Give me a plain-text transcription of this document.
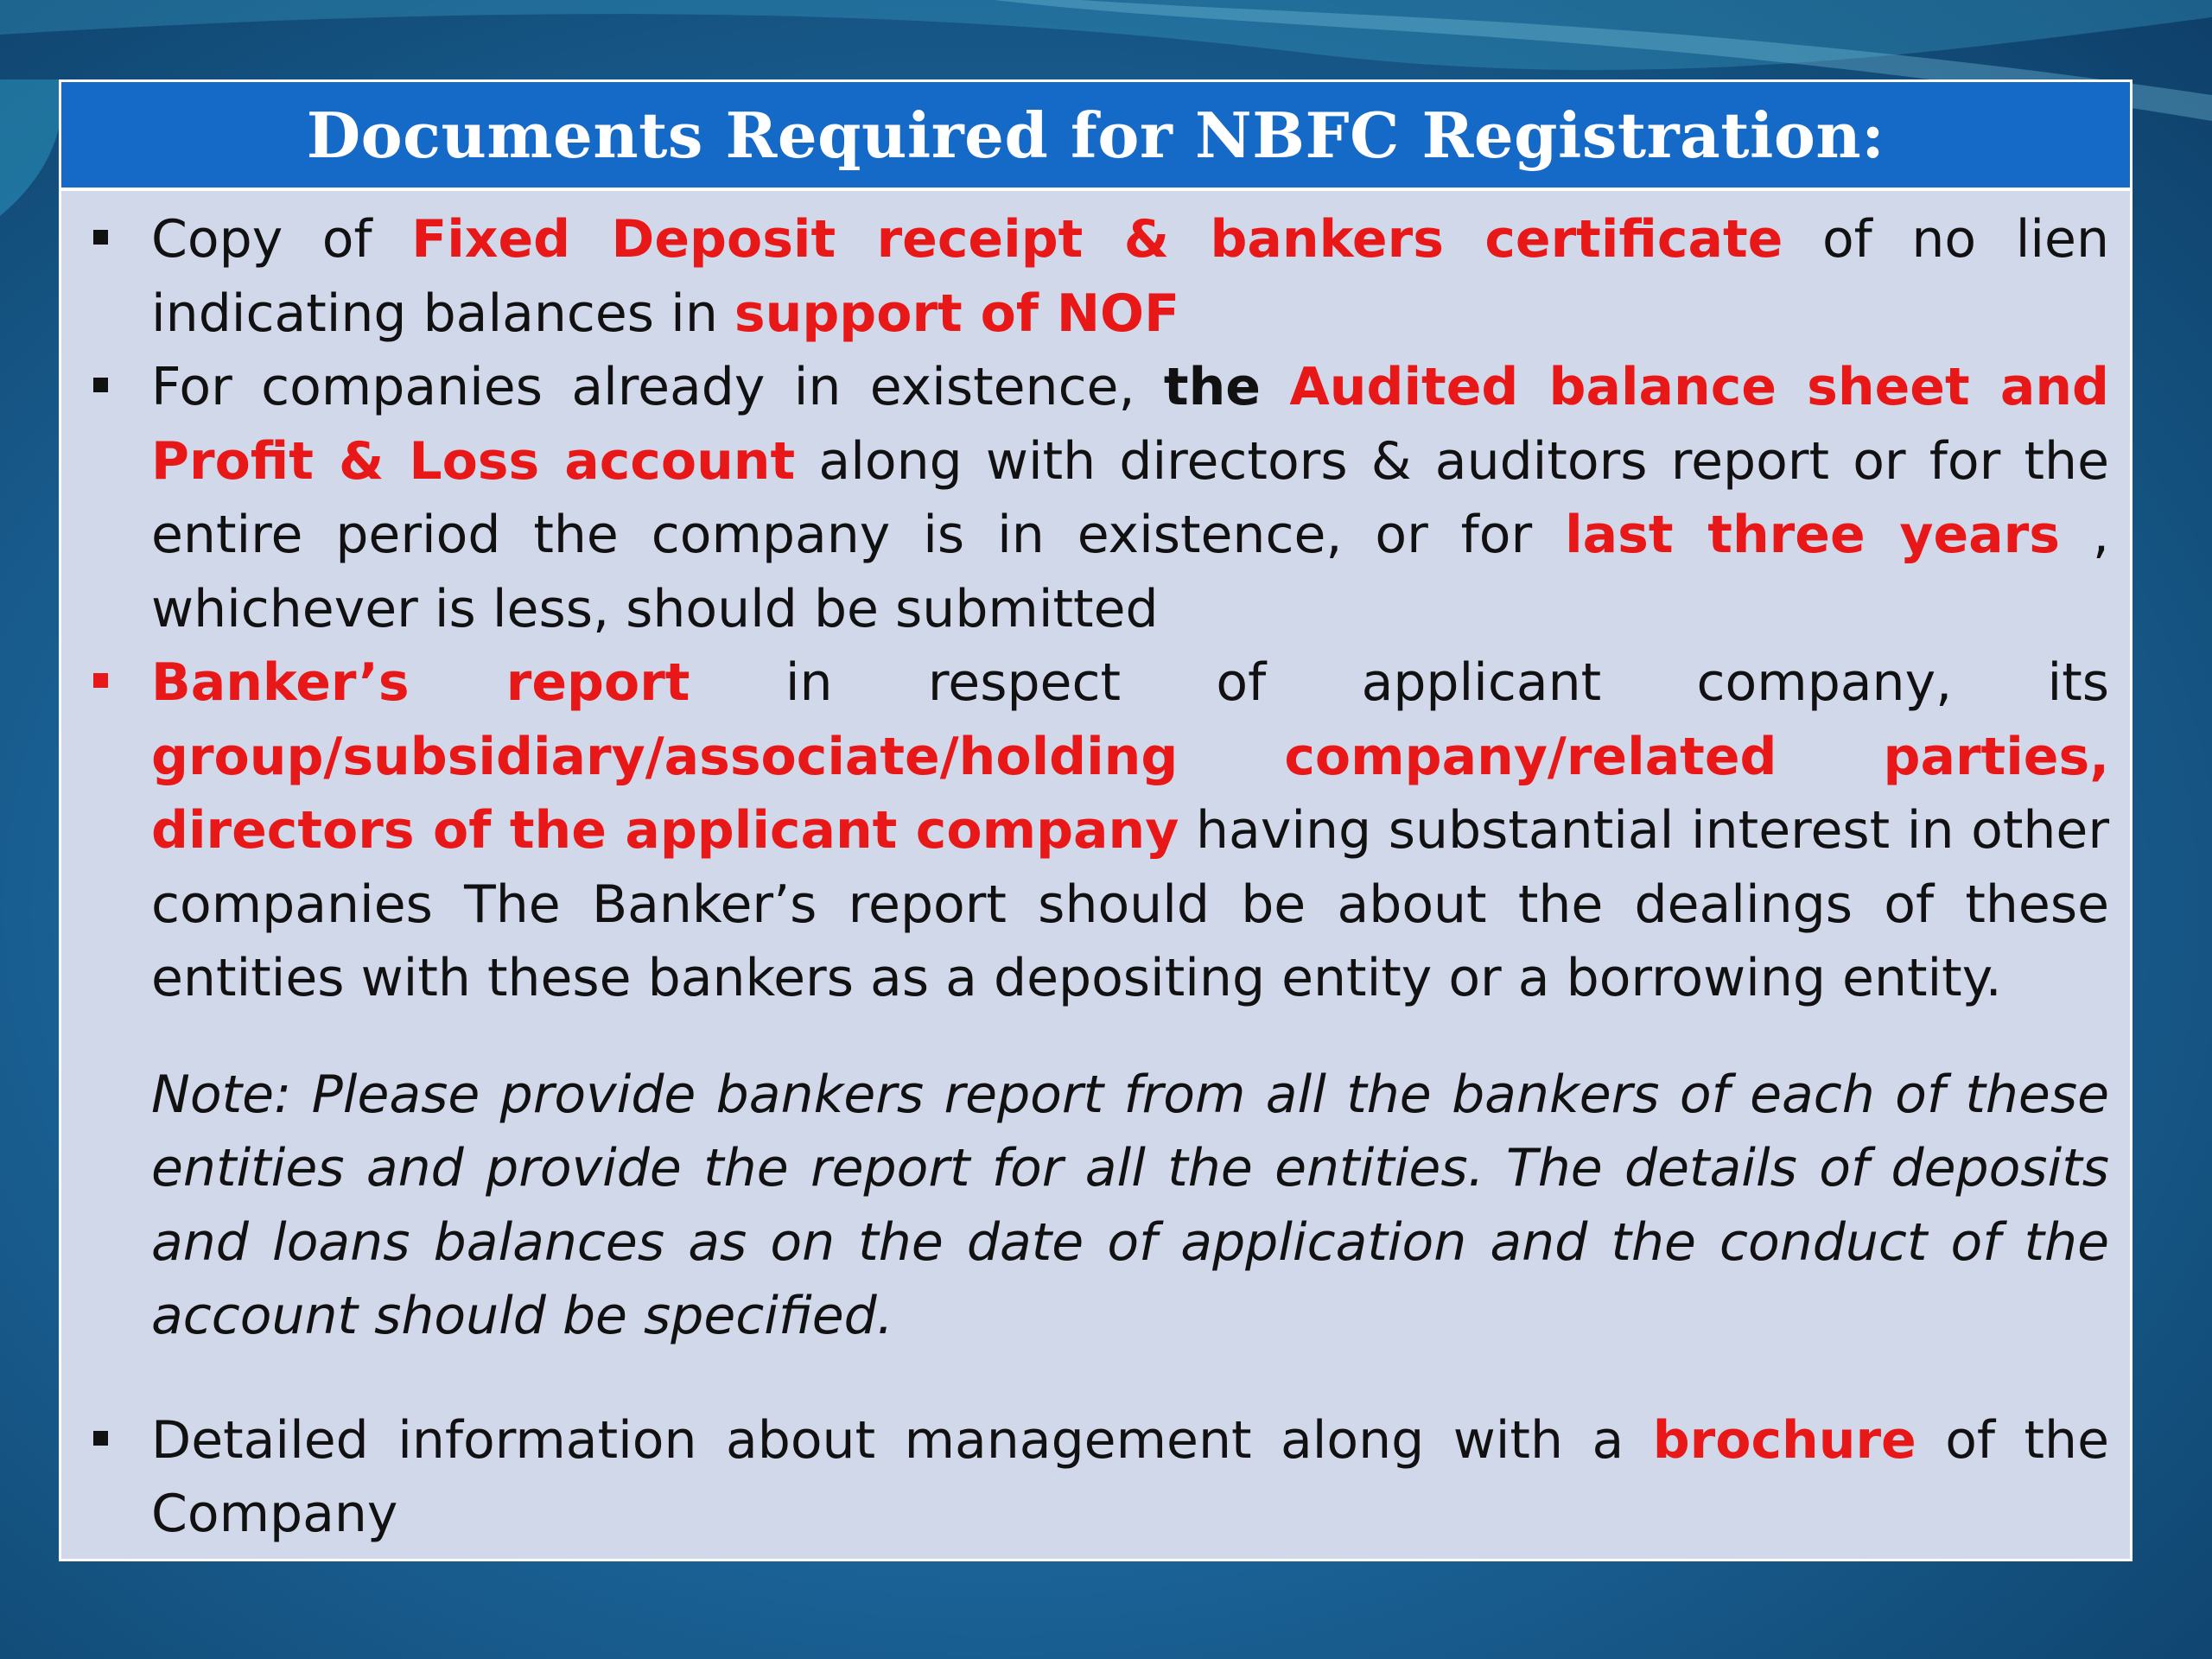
Documents Required for NBFC Registration:
Copy of Fixed Deposit receipt & bankers certificate of no lien indicating balances in support of NOF
For companies already in existence, the Audited balance sheet and Profit & Loss account along with directors & auditors report or for the entire period the company is in existence, or for last three years , whichever is less, should be submitted
Banker’s report in respect of applicant company, its group/subsidiary/associate/holding company/related parties, directors of the applicant company having substantial interest in other companies The Banker’s report should be about the dealings of these entities with these bankers as a depositing entity or a borrowing entity.
Note: Please provide bankers report from all the bankers of each of these entities and provide the report for all the entities. The details of deposits and loans balances as on the date of application and the conduct of the account should be specified.
Detailed information about management along with a brochure of the Company
